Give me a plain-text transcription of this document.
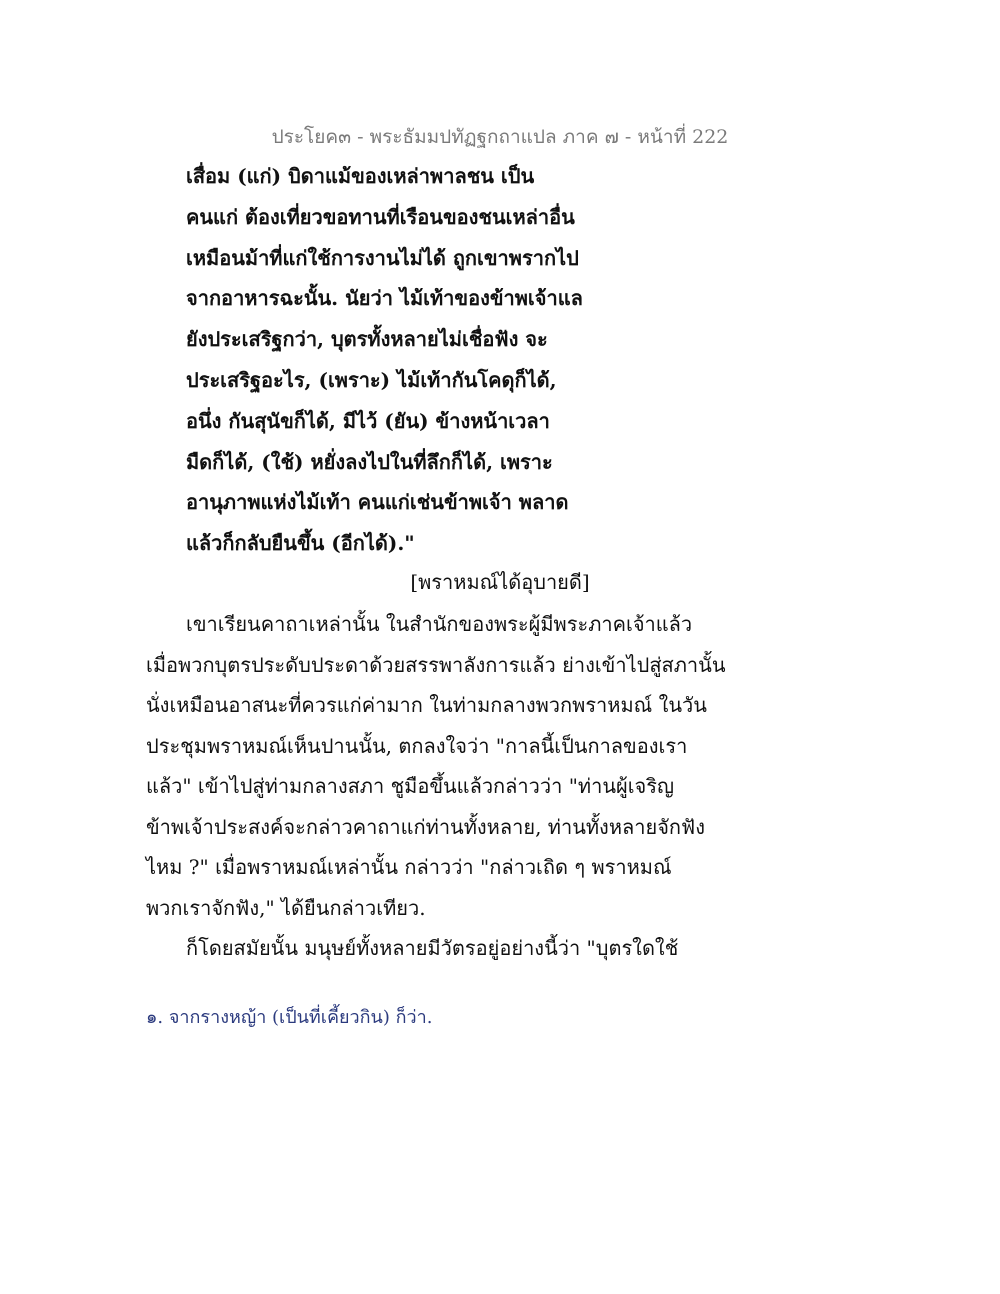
ประโยค๓ - พระธัมมปทัฏฐกถาแปล ภาค ๗ - หน้าที่ 222
เสื่อม (แก่) บิดาแม้ของเหล่าพาลชน เป็น
คนแก่ ต้องเที่ยวขอทานที่เรือนของชนเหล่าอื่น
เหมือนม้าที่แก่ใช้การงานไม่ได้ ถูกเขาพรากไป
จากอาหารฉะนั้น. นัยว่า ไม้เท้าของข้าพเจ้าแล
ยังประเสริฐกว่า, บุตรทั้งหลายไม่เชื่อฟัง จะ
ประเสริฐอะไร, (เพราะ) ไม้เท้ากันโคดุก็ได้,
อนึ่ง กันสุนัขก็ได้, มีไว้ (ยัน) ข้างหน้าเวลา
มืดก็ได้, (ใช้) หยั่งลงไปในที่ลึกก็ได้, เพราะ
อานุภาพแห่งไม้เท้า คนแก่เช่นข้าพเจ้า พลาด
แล้วก็กลับยืนขึ้น (อีกได้)."
[พราหมณ์ได้อุบายดี]
เขาเรียนคาถาเหล่านั้น ในสำนักของพระผู้มีพระภาคเจ้าแล้ว
เมื่อพวกบุตรประดับประดาด้วยสรรพาลังการแล้ว ย่างเข้าไปสู่สภานั้น
นั่งเหมือนอาสนะที่ควรแก่ค่ามาก ในท่ามกลางพวกพราหมณ์ ในวัน
ประชุมพราหมณ์เห็นปานนั้น, ตกลงใจว่า "กาลนี้เป็นกาลของเรา
แล้ว" เข้าไปสู่ท่ามกลางสภา ชูมือขึ้นแล้วกล่าวว่า "ท่านผู้เจริญ
ข้าพเจ้าประสงค์จะกล่าวคาถาแก่ท่านทั้งหลาย, ท่านทั้งหลายจักฟัง
ไหม ?" เมื่อพราหมณ์เหล่านั้น กล่าวว่า "กล่าวเถิด ๆ พราหมณ์
พวกเราจักฟัง," ได้ยืนกล่าวเทียว.
ก็โดยสมัยนั้น มนุษย์ทั้งหลายมีวัตรอยู่อย่างนี้ว่า "บุตรใดใช้
๑. จากรางหญ้า (เป็นที่เคี้ยวกิน) ก็ว่า.
